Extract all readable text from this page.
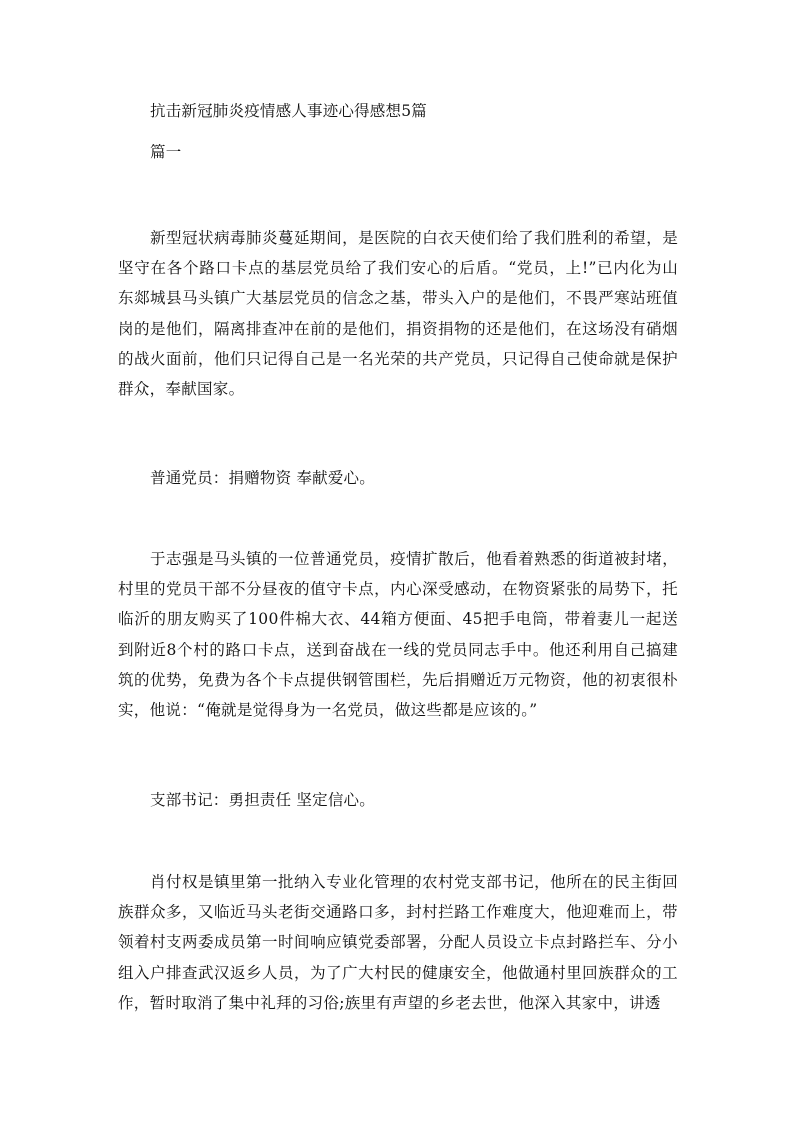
抗击新冠肺炎疫情感人事迹心得感想5篇
篇一

新型冠状病毒肺炎蔓延期间，是医院的白衣天使们给了我们胜利的希望，是坚守在各个路口卡点的基层党员给了我们安心的后盾。“党员，上!”已内化为山东郯城县马头镇广大基层党员的信念之基，带头入户的是他们，不畏严寒站班值岗的是他们，隔离排查冲在前的是他们，捐资捐物的还是他们，在这场没有硝烟的战火面前，他们只记得自己是一名光荣的共产党员，只记得自己使命就是保护群众，奉献国家。

普通党员：捐赠物资 奉献爱心。

于志强是马头镇的一位普通党员，疫情扩散后，他看着熟悉的街道被封堵，村里的党员干部不分昼夜的值守卡点，内心深受感动，在物资紧张的局势下，托临沂的朋友购买了100件棉大衣、44箱方便面、45把手电筒，带着妻儿一起送到附近8个村的路口卡点，送到奋战在一线的党员同志手中。他还利用自己搞建筑的优势，免费为各个卡点提供钢管围栏，先后捐赠近万元物资，他的初衷很朴实，他说：“俺就是觉得身为一名党员，做这些都是应该的。”

支部书记：勇担责任 坚定信心。

肖付权是镇里第一批纳入专业化管理的农村党支部书记，他所在的民主街回族群众多，又临近马头老街交通路口多，封村拦路工作难度大，他迎难而上，带领着村支两委成员第一时间响应镇党委部署，分配人员设立卡点封路拦车、分小组入户排查武汉返乡人员，为了广大村民的健康安全，他做通村里回族群众的工作，暂时取消了集中礼拜的习俗;族里有声望的乡老去世，他深入其家中，讲透
